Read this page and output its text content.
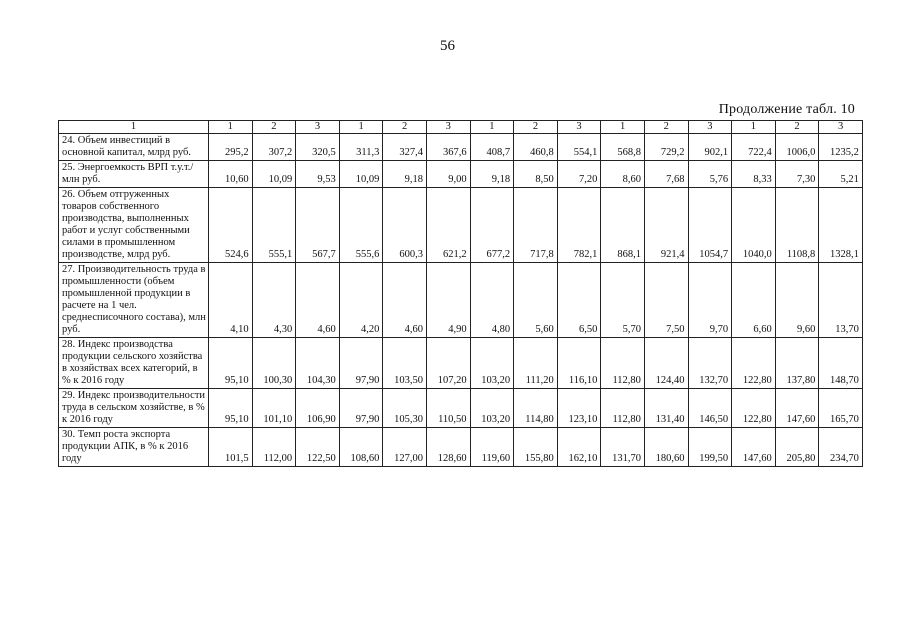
56
Продолжение табл. 10
1	1	2	3	1	2	3	1	2	3	1	2	3	1	2	3
24. Объем инвестиций в основной капитал, млрд руб.	295,2	307,2	320,5	311,3	327,4	367,6	408,7	460,8	554,1	568,8	729,2	902,1	722,4	1006,0	1235,2
25. Энергоемкость ВРП т.у.т./млн руб.	10,60	10,09	9,53	10,09	9,18	9,00	9,18	8,50	7,20	8,60	7,68	5,76	8,33	7,30	5,21
26. Объем отгруженных товаров собственного производства, выполненных работ и услуг собственными силами в промышленном производстве, млрд руб.	524,6	555,1	567,7	555,6	600,3	621,2	677,2	717,8	782,1	868,1	921,4	1054,7	1040,0	1108,8	1328,1
27. Производительность труда в промышленности (объем промышленной продукции в расчете на 1 чел. среднесписочного состава), млн руб.	4,10	4,30	4,60	4,20	4,60	4,90	4,80	5,60	6,50	5,70	7,50	9,70	6,60	9,60	13,70
28. Индекс производства продукции сельского хозяйства в хозяйствах всех категорий, в % к 2016 году	95,10	100,30	104,30	97,90	103,50	107,20	103,20	111,20	116,10	112,80	124,40	132,70	122,80	137,80	148,70
29. Индекс производительности труда в сельском хозяйстве, в % к 2016 году	95,10	101,10	106,90	97,90	105,30	110,50	103,20	114,80	123,10	112,80	131,40	146,50	122,80	147,60	165,70
30. Темп роста экспорта продукции АПК, в % к 2016 году	101,5	112,00	122,50	108,60	127,00	128,60	119,60	155,80	162,10	131,70	180,60	199,50	147,60	205,80	234,70
